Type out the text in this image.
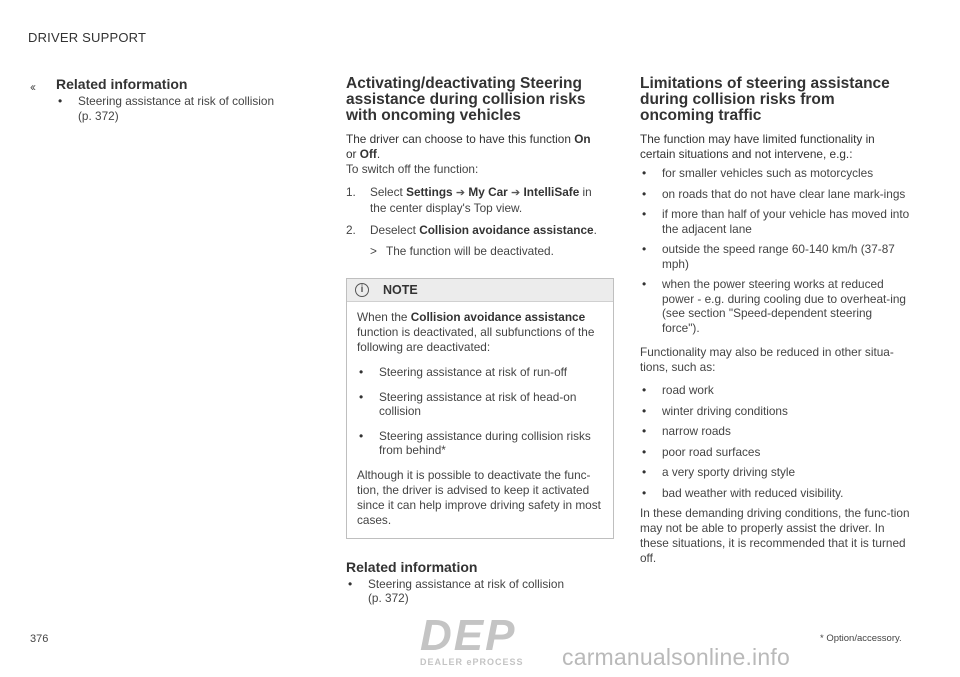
DRIVER SUPPORT
‹‹ Related information
• Steering assistance at risk of collision
(p. 372)
Activating/deactivating Steering assistance during collision risks with oncoming vehicles

The driver can choose to have this function On
or Off.

To switch off the function:

1. Select Settings ➔ My Car ➔ IntelliSafe in
the center display's Top view.
2. Deselect Collision avoidance assistance.
> The function will be deactivated.
i	NOTE

When the Collision avoidance assistance function is deactivated, all subfunctions of the following are deactivated:

• Steering assistance at risk of run-off
• Steering assistance at risk of head-on collision
• Steering assistance during collision risks from behind*

Although it is possible to deactivate the func-tion, the driver is advised to keep it activated since it can help improve driving safety in most cases.

Related information
• Steering assistance at risk of collision
(p. 372)
Limitations of steering assistance during collision risks from oncoming traffic

The function may have limited functionality in certain situations and not intervene, e.g.:

• for smaller vehicles such as motorcycles
• on roads that do not have clear lane mark-ings
• if more than half of your vehicle has moved into the adjacent lane
• outside the speed range 60-140 km/h (37-87 mph)
• when the power steering works at reduced power - e.g. during cooling due to overheat-ing (see section "Speed-dependent steering force").

Functionality may also be reduced in other situa-tions, such as:

• road work
• winter driving conditions
• narrow roads
• poor road surfaces
• a very sporty driving style
• bad weather with reduced visibility.

In these demanding driving conditions, the func-tion may not be able to properly assist the driver. In these situations, it is recommended that it is turned off.

376	* Option/accessory.
DEP
DEALER ePROCESS carmanualsonline.info
